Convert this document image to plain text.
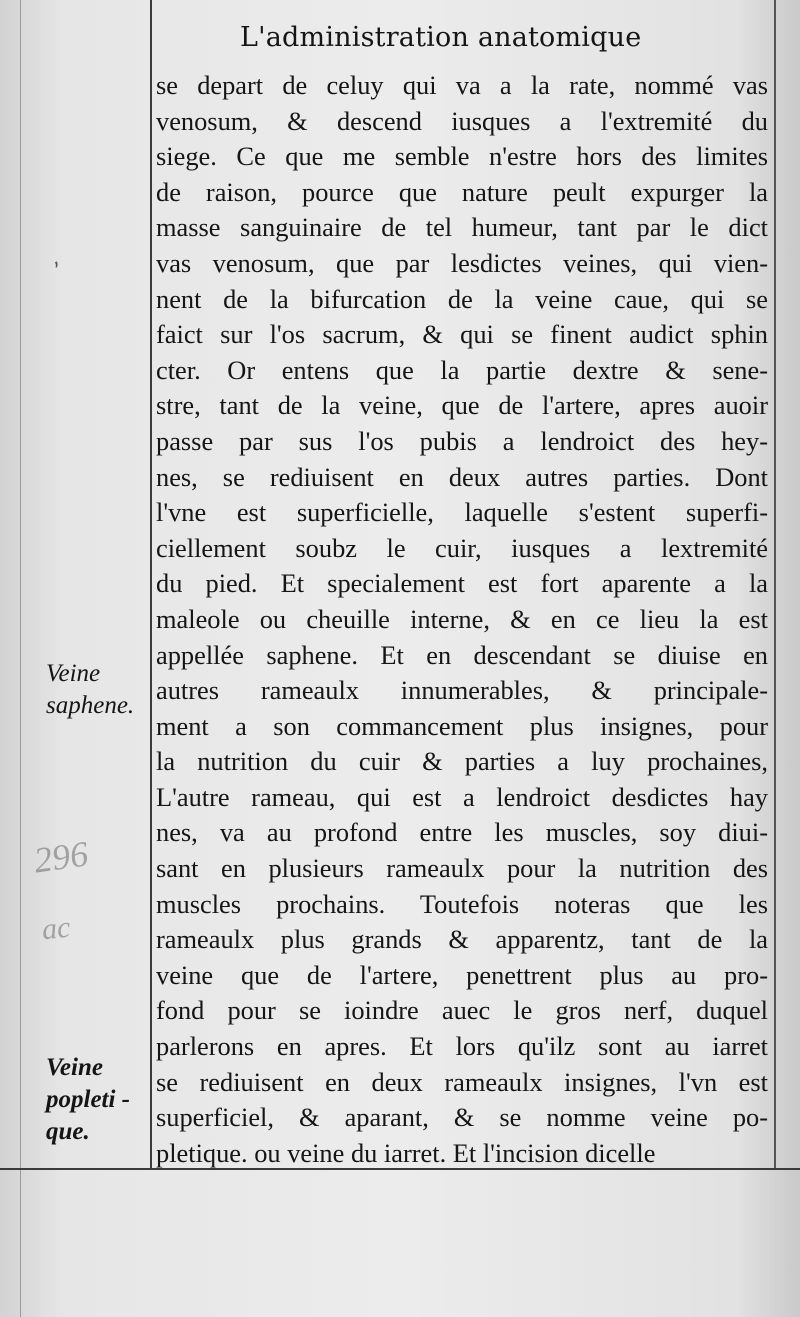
L'administration anatomique
se depart de celuy qui va a la rate, nommé vas
venosum, & descend iusques a l'extremité du
siege. Ce que me semble n'estre hors des limites
de raison, pource que nature peult expurger la
masse sanguinaire de tel humeur, tant par le dict
vas venosum, que par lesdictes veines, qui vien-
nent de la bifurcation de la veine caue, qui se
faict sur l'os sacrum, & qui se finent audict sphin
cter. Or entens que la partie dextre & sene-
stre, tant de la veine, que de l'artere, apres auoir
passe par sus l'os pubis a lendroict des hey-
nes, se rediuisent en deux autres parties. Dont
l'vne est superficielle, laquelle s'estent superfi-
ciellement soubz le cuir, iusques a lextremité
du pied. Et specialement est fort aparente a la
maleole ou cheuille interne, & en ce lieu la est
appellée saphene. Et en descendant se diuise en
autres rameaulx innumerables, & principale-
ment a son commancement plus insignes, pour
la nutrition du cuir & parties a luy prochaines,
L'autre rameau, qui est a lendroict desdictes hay
nes, va au profond entre les muscles, soy diui-
sant en plusieurs rameaulx pour la nutrition des
muscles prochains. Toutefois noteras que les
rameaulx plus grands & apparentz, tant de la
veine que de l'artere, penettrent plus au pro-
fond pour se ioindre auec le gros nerf, duquel
parlerons en apres. Et lors qu'ilz sont au iarret
se rediuisent en deux rameaulx insignes, l'vn est
superficiel, & aparant, & se nomme veine po-
pletique. ou veine du iarret. Et l'incision dicelle
Veine
saphene.
Veine
popleti -
que.
296
ac
,
